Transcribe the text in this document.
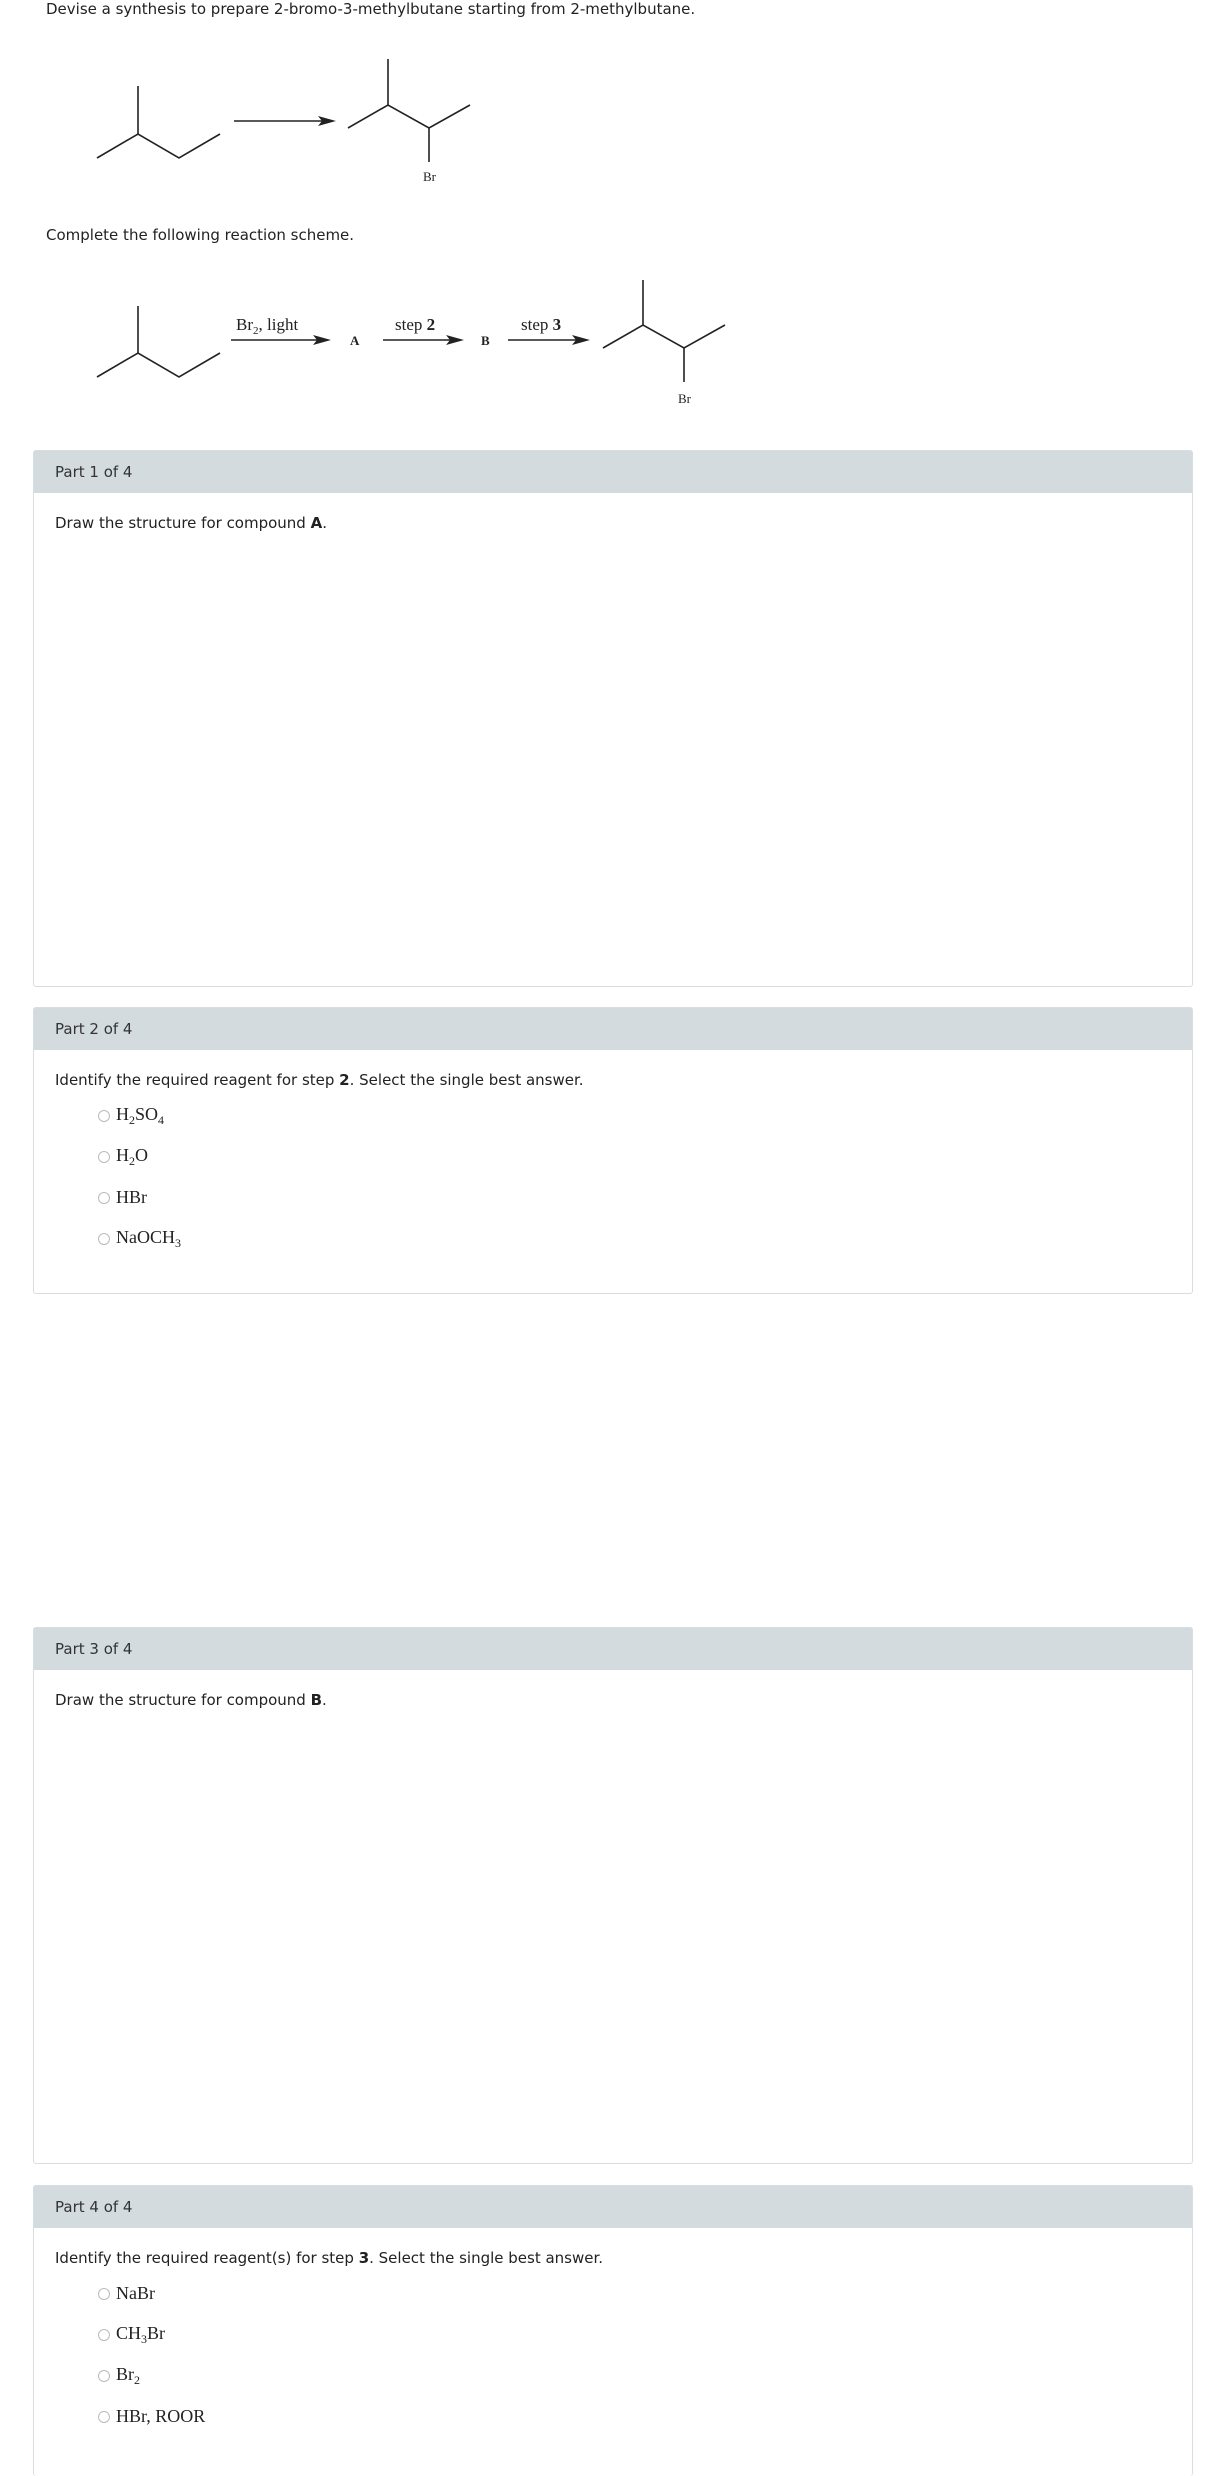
Devise a synthesis to prepare 2-bromo-3-methylbutane starting from 2-methylbutane.
Br
Complete the following reaction scheme.
$Br_2$, light
A
step 2
B
step 3
Br
Part 1 of 4
Draw the structure for compound A.
Part 2 of 4
Identify the required reagent for step 2. Select the single best answer.
$H_2SO_4$
$H_2O$
HBr
NaOCH$_3$
Part 3 of 4
Draw the structure for compound B.
Part 4 of 4
Identify the required reagent(s) for step 3. Select the single best answer.
NaBr
$CH_3Br$
$Br_2$
HBr, ROOR
